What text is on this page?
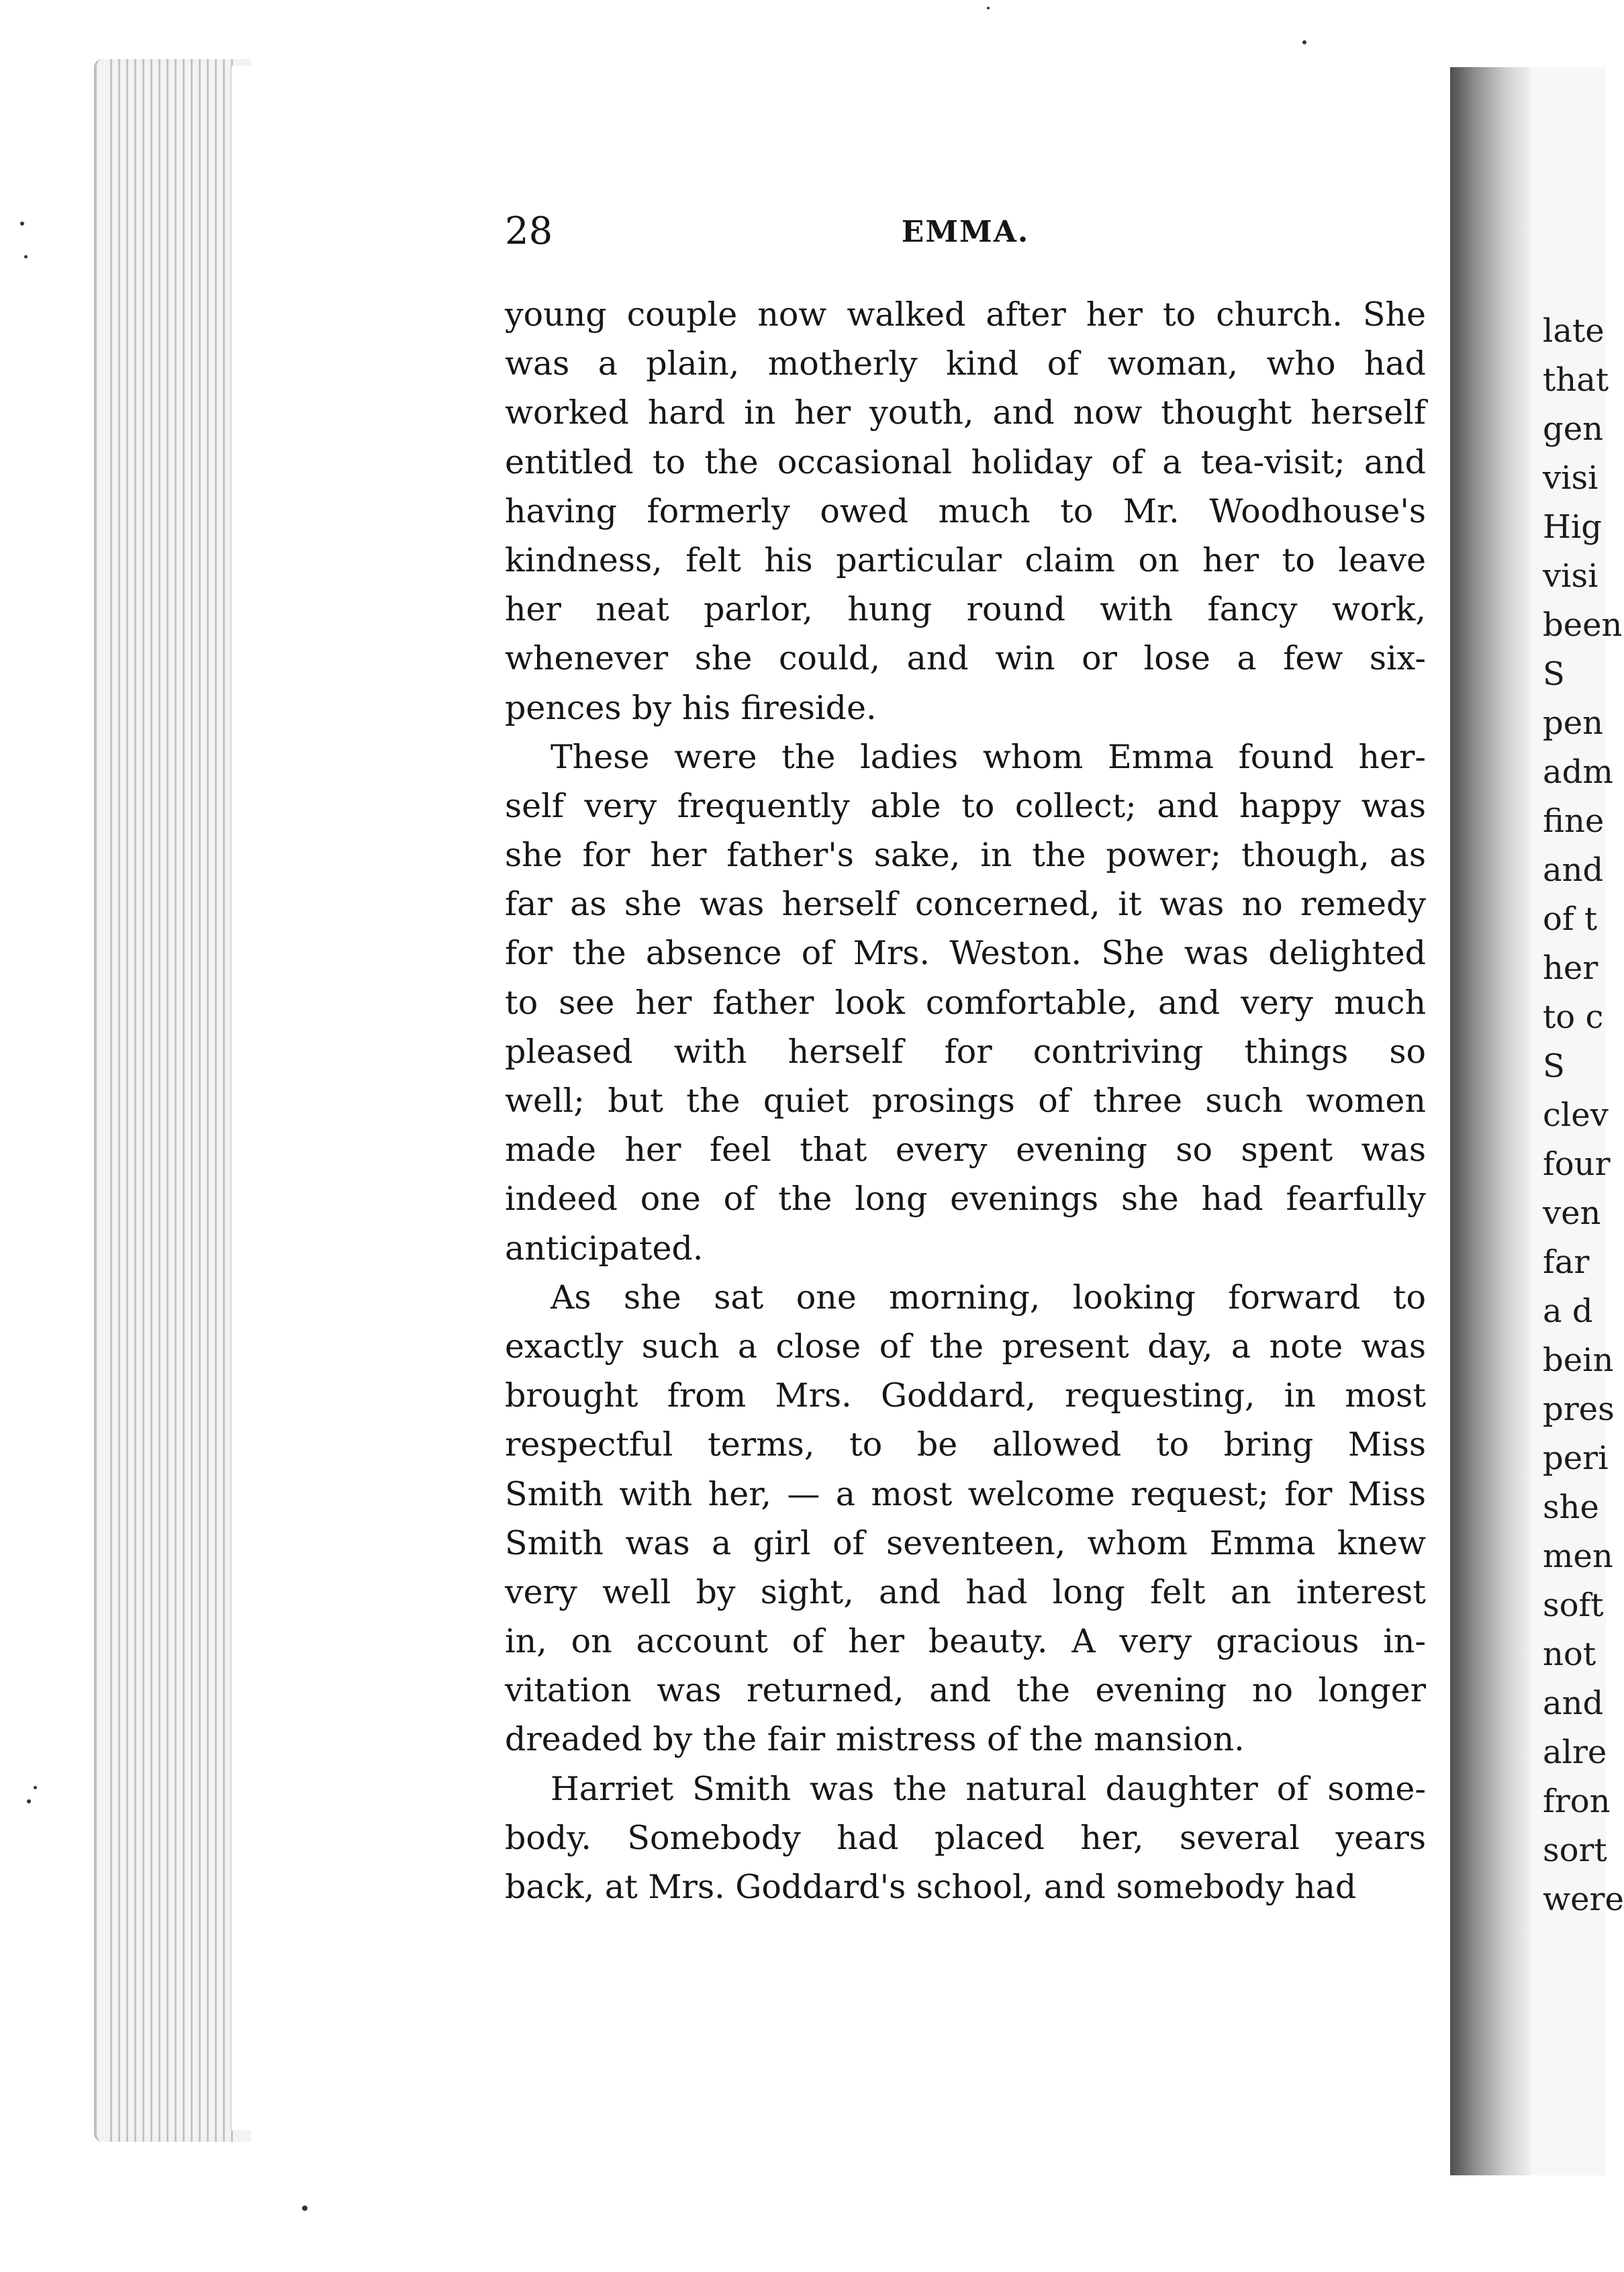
late
that
gen
visi
Hig
visi
been
S
pen
adm
fine
and
of t
her
to c
S
clev
four
ven
far
a d
bein
pres
peri
she
men
soft
not
and
alre
fron
sort
were
28	EMMA.
young couple now walked after her to church. She
was a plain, motherly kind of woman, who had
worked hard in her youth, and now thought herself
entitled to the occasional holiday of a tea-visit; and
having formerly owed much to Mr. Woodhouse's
kindness, felt his particular claim on her to leave
her neat parlor, hung round with fancy work,
whenever she could, and win or lose a few six-
pences by his fireside.
These were the ladies whom Emma found her-
self very frequently able to collect; and happy was
she for her father's sake, in the power; though, as
far as she was herself concerned, it was no remedy
for the absence of Mrs. Weston. She was delighted
to see her father look comfortable, and very much
pleased with herself for contriving things so
well; but the quiet prosings of three such women
made her feel that every evening so spent was
indeed one of the long evenings she had fearfully
anticipated.
As she sat one morning, looking forward to
exactly such a close of the present day, a note was
brought from Mrs. Goddard, requesting, in most
respectful terms, to be allowed to bring Miss
Smith with her, — a most welcome request; for Miss
Smith was a girl of seventeen, whom Emma knew
very well by sight, and had long felt an interest
in, on account of her beauty. A very gracious in-
vitation was returned, and the evening no longer
dreaded by the fair mistress of the mansion.
Harriet Smith was the natural daughter of some-
body. Somebody had placed her, several years
back, at Mrs. Goddard's school, and somebody had
